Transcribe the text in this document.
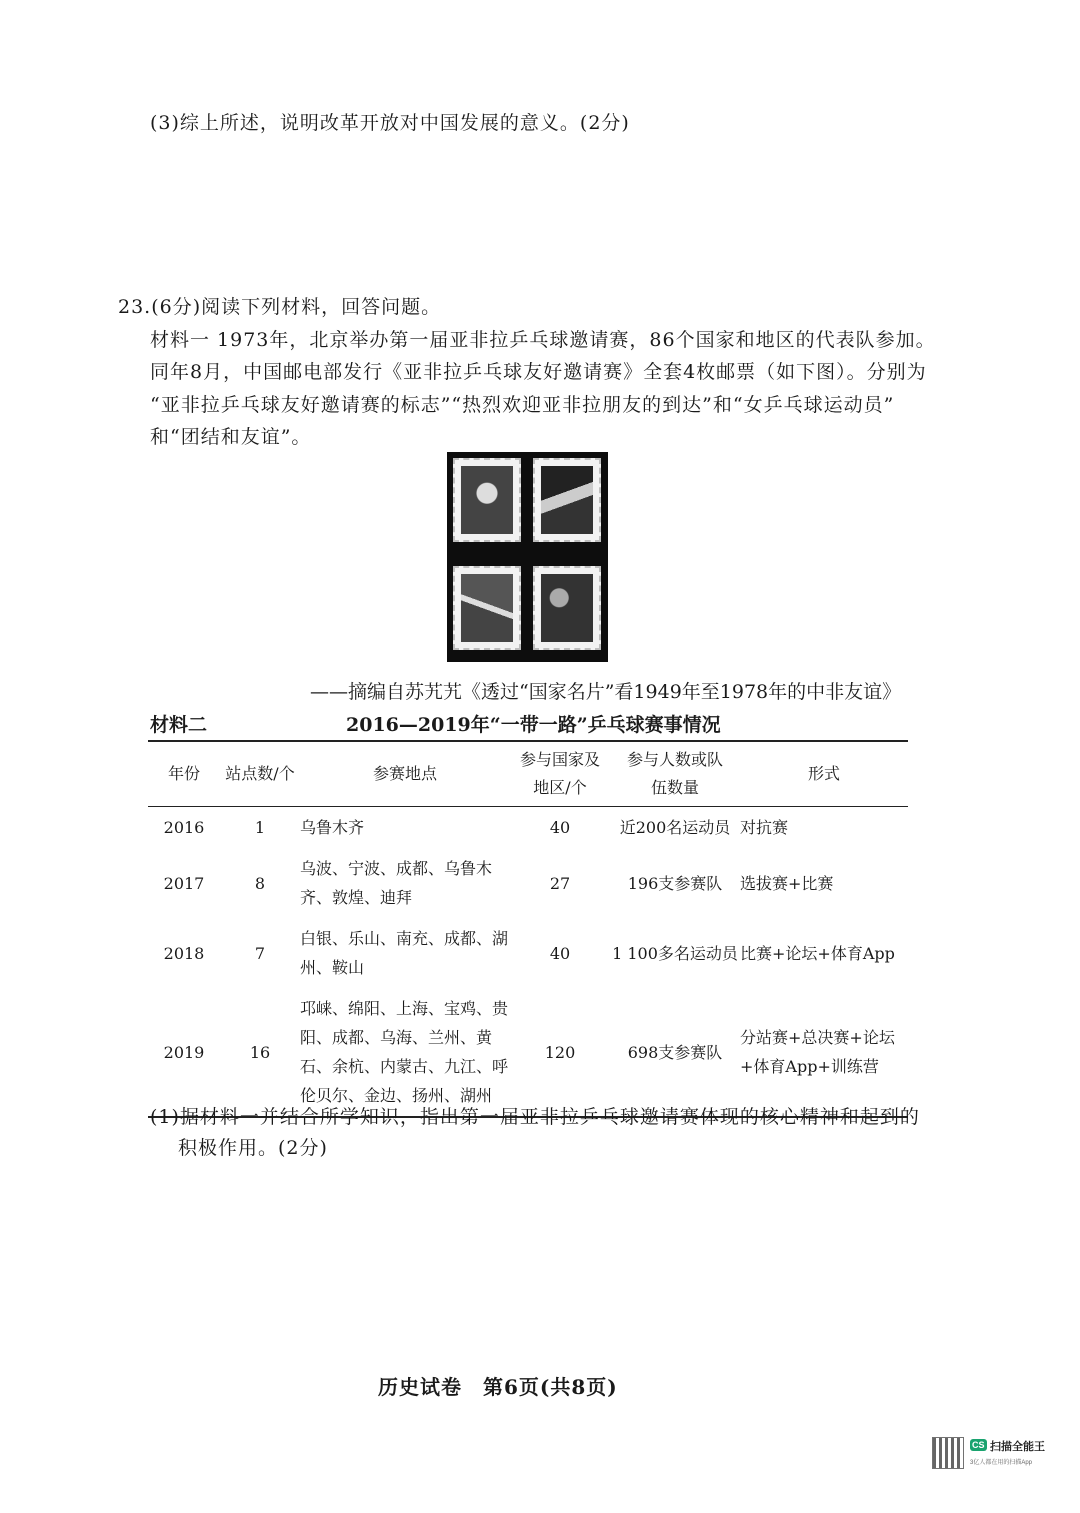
(3)综上所述，说明改革开放对中国发展的意义。(2分)
23.(6分)阅读下列材料，回答问题。
材料一 1973年，北京举办第一届亚非拉乒乓球邀请赛，86个国家和地区的代表队参加。
同年8月，中国邮电部发行《亚非拉乒乓球友好邀请赛》全套4枚邮票（如下图）。分别为
“亚非拉乒乓球友好邀请赛的标志”“热烈欢迎亚非拉朋友的到达”和“女乒乓球运动员”
和“团结和友谊”。
——摘编自苏艽艽《透过“国家名片”看1949年至1978年的中非友谊》
材料二	2016—2019年“一带一路”乒乓球赛事情况
年份	站点数/个	参赛地点	参与国家及地区/个	参与人数或队伍数量	形式
2016	1	乌鲁木齐	40	近200名运动员	对抗赛
2017	8	乌波、宁波、成都、乌鲁木齐、敦煌、迪拜	27	196支参赛队	选拔赛+比赛
2018	7	白银、乐山、南充、成都、湖州、鞍山	40	1 100多名运动员	比赛+论坛+体育App
2019	16	邛崃、绵阳、上海、宝鸡、贵阳、成都、乌海、兰州、黄石、余杭、内蒙古、九江、呼伦贝尔、金边、扬州、湖州	120	698支参赛队	分站赛+总决赛+论坛+体育App+训练营
(1)据材料一并结合所学知识，指出第一届亚非拉乒乓球邀请赛体现的核心精神和起到的
积极作用。(2分)
历史试卷　第6页(共8页)
CS 扫描全能王
3亿人都在用的扫描App
